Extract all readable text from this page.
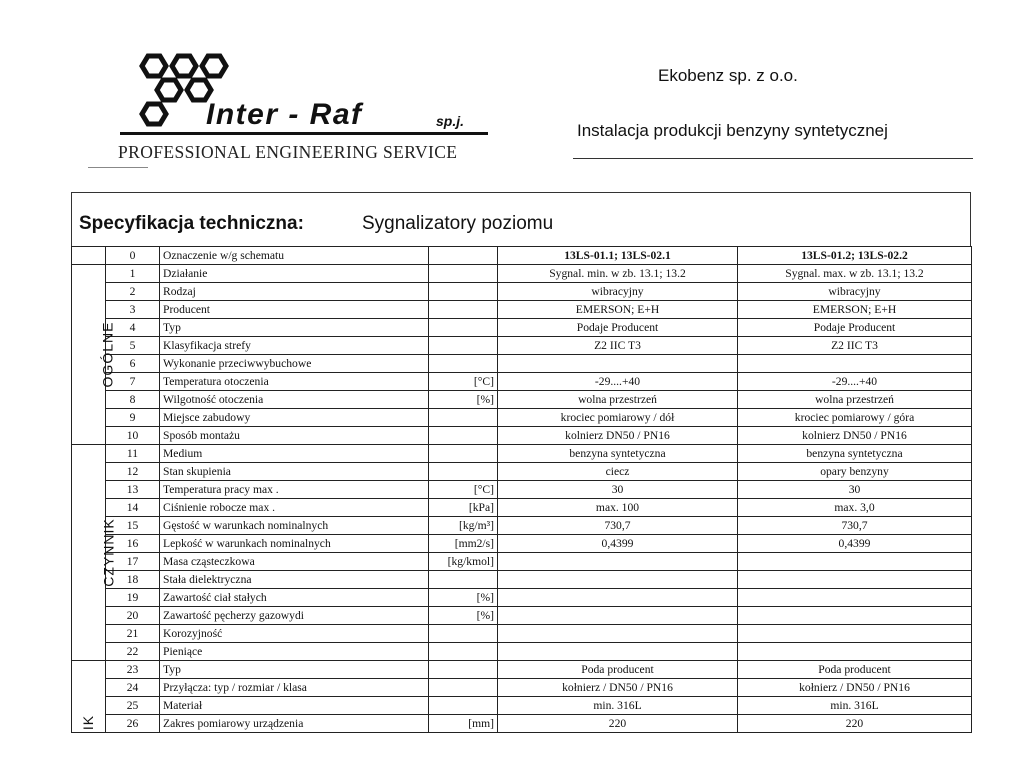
Inter - Raf	sp.j.
PROFESSIONAL ENGINEERING SERVICE
Ekobenz sp. z o.o.
Instalacja produkcji benzyny syntetycznej
Specyfikacja techniczna:	Sygnalizatory poziomu
	0	Oznaczenie w/g schematu		13LS-01.1; 13LS-02.1	13LS-01.2; 13LS-02.2
OGÓLNE	1	Działanie		Sygnal. min. w zb. 13.1; 13.2	Sygnal. max. w zb. 13.1; 13.2
	2	Rodzaj		wibracyjny	wibracyjny
	3	Producent		EMERSON; E+H	EMERSON; E+H
	4	Typ		Podaje Producent	Podaje Producent
	5	Klasyfikacja strefy		Z2 IIC T3	Z2 IIC T3
	6	Wykonanie przeciwwybuchowe			
	7	Temperatura otoczenia	[°C]	-29....+40	-29....+40
	8	Wilgotność otoczenia	[%]	wolna przestrzeń	wolna przestrzeń
	9	Miejsce zabudowy		krociec pomiarowy / dół	krociec pomiarowy / góra
	10	Sposób montażu		kolnierz DN50 / PN16	kolnierz DN50 / PN16
CZYNNIK	11	Medium		benzyna syntetyczna	benzyna syntetyczna
	12	Stan skupienia		ciecz	opary benzyny
	13	Temperatura pracy max .	[°C]	30	30
	14	Ciśnienie robocze max .	[kPa]	max. 100	max. 3,0
	15	Gęstość w warunkach nominalnych	[kg/m³]	730,7	730,7
	16	Lepkość w warunkach nominalnych	[mm2/s]	0,4399	0,4399
	17	Masa cząsteczkowa	[kg/kmol]		
	18	Stała dielektryczna			
	19	Zawartość ciał stałych	[%]		
	20	Zawartość pęcherzy gazowydi	[%]		
	21	Korozyjność			
	22	Pieniące			
IK	23	Typ		Poda producent	Poda producent
	24	Przyłącza: typ / rozmiar / klasa		kołnierz / DN50 / PN16	kołnierz / DN50 / PN16
	25	Materiał		min. 316L	min. 316L
	26	Zakres pomiarowy urządzenia	[mm]	220	220
